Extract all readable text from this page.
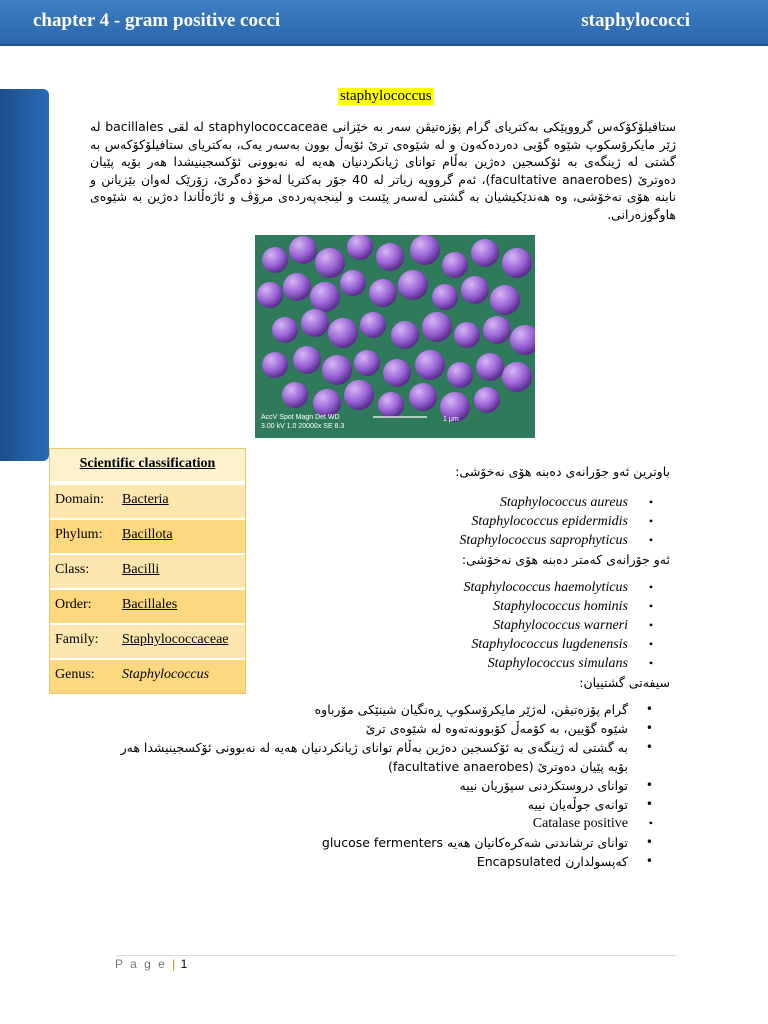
chapter 4 - gram positive cocci	staphylococci
staphylococcus
ستافیلۆکۆکەس گرووپێکی بەکتریای گرام پۆزەتیڤن سەر بە خێزانی staphylococcaceae لە لقی bacillales لە ژێر مایکرۆسکوپ شێوە گۆیی دەردەکەون و لە شێوەی ترێ ئۆپەڵ بوون بەسەر یەک، بەکتریای ستافیلۆکۆکەس بە گشتی لە ژینگەی بە ئۆکسجین دەژین بەڵام توانای ژیانکردنیان هەیە لە نەبوونی ئۆکسجینیشدا هەر بۆیە پێیان دەوترێ (facultative anaerobes)، ئەم گرووپە زیاتر لە 40 جۆر بەکتریا لەخۆ دەگرێ، زۆرێک لەوان بێزیانن و نابنە هۆی نەخۆشی، وە هەندێکیشیان بە گشتی لەسەر پێست و لینجەپەردەی مرۆڤ و ئاژەڵاندا دەژین بە شێوەی هاوگوزەرانی.
AccV Spot Magn Det WD
3.00 kV 1.0 20000x SE 8.3
1 μm
Scientific classification
Domain:	Bacteria
Phylum:	Bacillota
Class:	Bacilli
Order:	Bacillales
Family:	Staphylococcaceae
Genus:	Staphylococcus
باوترین ئەو جۆرانەی دەبنە هۆی نەخۆشی:
Staphylococcus aureus •
Staphylococcus epidermidis •
Staphylococcus saprophyticus •
ئەو جۆرانەی کەمتر دەبنە هۆی نەخۆشی:
Staphylococcus haemolyticus •
Staphylococcus hominis •
Staphylococcus warneri •
Staphylococcus lugdenensis •
Staphylococcus simulans •
سیفەتی گشتییان:
گرام پۆزەتیڤن، لەژێر مایکرۆسکوپ ڕەنگیان شینێکی مۆرباوە •
شێوە گۆیین، بە کۆمەڵ کۆبوونەتەوە لە شێوەی ترێ •
بە گشتی لە ژینگەی بە ئۆکسجین دەژین بەڵام توانای ژیانکردنیان هەیە لە نەبوونی ئۆکسجینیشدا هەر بۆیە پێیان دەوترێ (facultative anaerobes) •
توانای دروستکردنی سپۆریان نییە •
توانەی جوڵەیان نییە •
Catalase positive •
توانای ترشاندنی شەکرەکانیان هەیە glucose fermenters •
کەپسولدارن Encapsulated •
P a g e | 1
